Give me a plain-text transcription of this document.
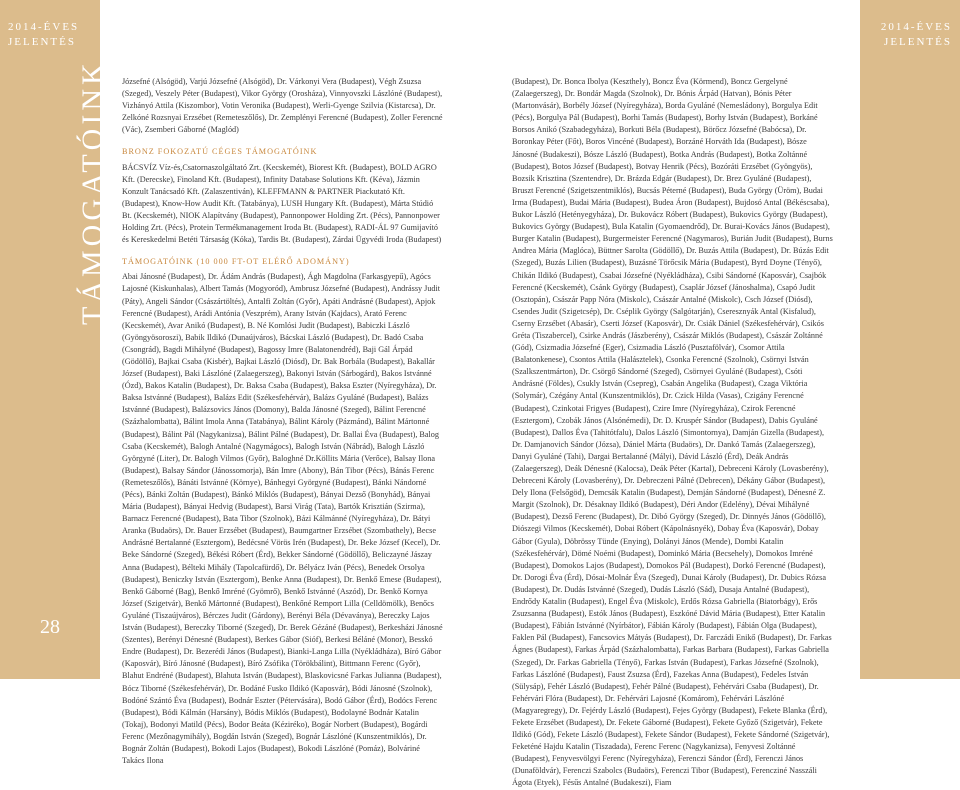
2014-ÉVES
JELENTÉS
TÁMOGATÓINK
28
2014-ÉVES
JELENTÉS

Józsefné (Alsógöd), Varjú Józsefné (Alsógöd), Dr. Várkonyi Vera (Budapest), Végh Zsuzsa (Szeged), Veszely Péter (Budapest), Vikor György (Orosháza), Vinnyovszki Lászlóné (Budapest), Vizhányó Attila (Kiszombor), Votin Veronika (Budapest), Werli-Gyenge Szilvia (Kistarcsa), Dr. Zelkóné Rozsnyai Erzsébet (Remeteszőlős), Dr. Zemplényi Ferencné (Budapest), Zoller Ferencné (Vác), Zsemberi Gáborné (Maglód)

BRONZ FOKOZATÚ CÉGES TÁMOGATÓINK

BÁCSVÍZ Víz-és,Csatornaszolgáltató Zrt. (Kecskemét), Biorest Kft. (Budapest), BOLD AGRO Kft. (Derecske), Finoland Kft. (Budapest), Infinity Database Solutions Kft. (Kéva), Jázmin Konzult Tanácsadó Kft. (Zalaszentiván), KLEFFMANN & PARTNER Piackutató Kft. (Budapest), Know-How Audit Kft. (Tatabánya), LUSH Hungary Kft. (Budapest), Márta Stúdió Bt. (Kecskemét), NIOK Alapítvány (Budapest), Pannonpower Holding Zrt. (Pécs), Pannonpower Holding Zrt. (Pécs), Protein Termékmanagement Iroda Bt. (Budapest), RADI-ÁL 97 Gumijavító és Kereskedelmi Betéti Társaság (Kóka), Tardis Bt. (Budapest), Zárdai Ügyvédi Iroda (Budapest)

TÁMOGATÓINK (10 000 FT-OT ELÉRŐ ADOMÁNY)

Abai Jánosné (Budapest), Dr. Ádám András (Budapest), Ágh Magdolna (Farkasgyepű), Agócs Lajosné (Kiskunhalas), Albert Tamás (Mogyoród), Ambrusz Józsefné (Budapest), Andrássy Judit (Páty), Angeli Sándor (Császártöltés), Antalfi Zoltán (Győr), Apáti Andrásné (Budapest), Apjok Ferencné (Budapest), Arádi Antónia (Veszprém), Arany István (Kajdacs), Arató Ferenc (Kecskemét), Avar Anikó (Budapest), B. Né Komlósi Judit (Budapest), Babiczki László (Gyöngyösoroszi), Babik Ildikó (Dunaújváros), Bácskai László (Budapest), Dr. Badó Csaba (Csongrád), Bagdi Mihályné (Budapest), Bagossy Imre (Balatonendréd), Baji Gál Árpád (Gödöllő), Bajkai Csaba (Kisbér), Bajkai László (Diósd), Dr. Bak Borbála (Budapest), Bakallár József (Budapest), Baki Lászlóné (Zalaegerszeg), Bakonyi István (Sárbogárd), Bakos Istvánné (Ózd), Bakos Katalin (Budapest), Dr. Baksa Csaba (Budapest), Baksa Eszter (Nyíregyháza), Dr. Baksa Istvánné (Budapest), Balázs Edit (Székesfehérvár), Balázs Gyuláné (Budapest), Balázs Istvánné (Budapest), Balázsovics János (Domony), Balda Jánosné (Szeged), Bálint Ferencné (Százhalombatta), Bálint Imola Anna (Tatabánya), Bálint Károly (Pázmánd), Bálint Mártonné (Budapest), Bálint Pál (Nagykanizsa), Bálint Pálné (Budapest), Dr. Ballai Éva (Budapest), Balog Csaba (Kecskemét), Balogh Antalné (Nagymágocs), Balogh István (Nábrád), Balogh László Györgyné (Liter), Dr. Balogh Vilmos (Győr), Baloghné Dr.Köllits Mária (Verőce), Balsay Ilona (Budapest), Balsay Sándor (Jánossomorja), Bán Imre (Abony), Bán Tibor (Pécs), Bánás Ferenc (Remeteszőlős), Bánáti Istvánné (Környe), Bánhegyi Györgyné (Budapest), Bánki Nándorné (Pécs), Bánki Zoltán (Budapest), Bánkó Miklós (Budapest), Bányai Dezső (Bonyhád), Bányai Mária (Budapest), Bányai Hedvig (Budapest), Barsi Virág (Tata), Bartók Krisztián (Szirma), Barnacz Ferencné (Budapest), Bata Tibor (Szolnok), Bázi Kálmánné (Nyíregyháza), Dr. Bátyi Aranka (Budaörs), Dr. Bauer Erzsébet (Budapest), Baumgartner Erzsébet (Szombathely), Becse Andrásné Bertalanné (Esztergom), Bedécsné Vörös Irén (Budapest), Dr. Beke József (Kecel), Dr. Beke Sándorné (Szeged), Békési Róbert (Érd), Bekker Sándorné (Gödöllő), Beliczayné Jászay Anna (Budapest), Bélteki Mihály (Tapolcafürdő), Dr. Bélyácz Iván (Pécs), Benedek Orsolya (Budapest), Beniczky István (Esztergom), Benke Anna (Budapest), Dr. Benkő Emese (Budapest), Benkő Gáborné (Bag), Benkő Imréné (Gyömrő), Benkő Istvánné (Aszód), Dr. Benkő Kornya József (Szigetvár), Benkő Mártonné (Budapest), Benkőné Remport Lilla (Celldömölk), Benőcs Gyuláné (Tiszaújváros), Bérczes Judit (Gárdony), Berényi Béla (Dévaványa), Bereczky Lajos István (Budapest), Bereczky Tiborné (Szeged), Dr. Berek Gézáné (Budapest), Berkesházi Jánosné (Szentes), Berényi Dénesné (Budapest), Berkes Gábor (Sióf), Berkesi Béláné (Monor), Besskó Endre (Budapest), Dr. Bezerédi János (Budapest), Bianki-Langa Lilla (Nyékládháza), Bíró Gábor (Kaposvár), Bíró Jánosné (Budapest), Bíró Zsófika (Törökbálint), Bittmann Ferenc (Győr), Blahut Endréné (Budapest), Blahuta István (Budapest), Blaskovicsné Farkas Julianna (Budapest), Bócz Tiborné (Székesfehérvár), Dr. Bodáné Fusko Ildikó (Kaposvár), Bódi Jánosné (Szolnok), Bodóné Szántó Éva (Budapest), Bodnár Eszter (Pétervására), Bodó Gábor (Érd), Bodócs Ferenc (Budapest), Bódi Kálmán (Harsány), Bódis Miklós (Budapest), Bodolayné Bodnár Katalin (Tokaj), Bodonyi Matild (Pécs), Bodor Beáta (Kéziréko), Bogár Norbert (Budapest), Bogárdi Ferenc (Mezőnagymihály), Bogdán István (Szeged), Bognár Lászlóné (Kunszentmiklós), Dr. Bognár Zoltán (Budapest), Bokodi Lajos (Budapest), Bokodi Lászlóné (Pomáz), Bolváriné Takács Ilona

(Budapest), Dr. Bonca Ibolya (Keszthely), Boncz Éva (Körmend), Boncz Gergelyné (Zalaegerszeg), Dr. Bondár Magda (Szolnok), Dr. Bónis Árpád (Hatvan), Bónis Péter (Martonvásár), Borbély József (Nyíregyháza), Borda Gyuláné (Nemesládony), Borgulya Edit (Pécs), Borgulya Pál (Budapest), Borhi Tamás (Budapest), Borhy István (Budapest), Borkáné Borsos Anikó (Szabadegyháza), Borkuti Béla (Budapest), Börőcz Józsefné (Babócsa), Dr. Boronkay Péter (Főt), Boros Vincéné (Budapest), Borzáné Horváth Ida (Budapest), Bósze Jánosné (Budakeszi), Bósze László (Budapest), Botka András (Budapest), Botka Zoltánné (Budapest), Botos József (Budapest), Botvay Henrik (Pécs), Bozóráti Erzsébet (Gyöngyös), Bozsik Krisztina (Szentendre), Dr. Brázda Edgár (Budapest), Dr. Brez Gyuláné (Budapest), Bruszt Ferencné (Szigetszentmiklós), Bucsás Péterné (Budapest), Buda György (Üröm), Budai Irma (Budapest), Budai Mária (Budapest), Budea Áron (Budapest), Bujdosó Antal (Békéscsaba), Bukor László (Hetényegyháza), Dr. Bukovácz Róbert (Budapest), Bukovics György (Budapest), Bukovics György (Budapest), Bula Katalin (Gyomaendrőd), Dr. Burai-Kovács János (Budapest), Burger Katalin (Budapest), Burgermeister Ferencné (Nagymaros), Burián Judit (Budapest), Burns Andrea Mária (Maglóca), Büttner Sarolta (Gödöllő), Dr. Buzás Attila (Budapest), Dr. Búzás Edit (Szeged), Buzás Lilien (Budapest), Buzásné Törőcsik Mária (Budapest), Byrd Doyne (Tényő), Chikán Ildikó (Budapest), Csabai Józsefné (Nyékládháza), Csibi Sándorné (Kaposvár), Csajbók Ferencné (Kecskemét), Csánk György (Budapest), Csaplár József (Jánoshalma), Csapó Judit (Osztopán), Császár Papp Nóra (Miskolc), Császár Antalné (Miskolc), Csch József (Diósd), Csendes Judit (Szigetcsép), Dr. Cséplik György (Salgótarján), Cseresznyák Antal (Kisfalud), Cserny Erzsébet (Abasár), Cserti József (Kaposvár), Dr. Csiák Dániel (Székesfehérvár), Csikós Gréta (Tiszabercel), Csirke András (Jászberény), Császár Miklós (Budapest), Császár Zoltánné (Gód), Csizmadia Józsefné (Eger), Csizmadia László (Pusztafölvár), Csomor Attila (Balatonkenese), Csontos Attila (Halásztelek), Csonka Ferencné (Szolnok), Csörnyi István (Szalkszentmárton), Dr. Csörgő Sándorné (Szeged), Csörnyei Gyuláné (Budapest), Csóti Andrásné (Földes), Csukly István (Csepreg), Csabán Angelika (Budapest), Czaga Viktória (Solymár), Czégány Antal (Kunszentmiklós), Dr. Czick Hilda (Vasas), Czigány Ferencné (Budapest), Czinkotai Frigyes (Budapest), Czire Imre (Nyíregyháza), Czirok Ferencné (Esztergom), Czobák János (Alsónémedi), Dr. D. Kruspér Sándor (Budapest), Dabis Gyuláné (Budapest), Dallos Éva (Tahitótfalu), Dalos László (Simontornya), Damján Gizella (Budapest), Dr. Damjanovich Sándor (Józsa), Dániel Márta (Budaörs), Dr. Dankó Tamás (Zalaegerszeg), Danyi Gyuláné (Tahi), Dargai Bertalanné (Mályi), Dávid László (Érd), Deák András (Zalaegerszeg), Deák Dénesné (Kalocsa), Deák Péter (Kartal), Debreceni Károly (Lovasberény), Debreceni Károly (Lovasberény), Dr. Debreczeni Pálné (Debrecen), Dékány Gábor (Budapest), Dely Ilona (Felsőgöd), Demcsák Katalin (Budapest), Demján Sándorné (Budapest), Dénesné Z. Margit (Szolnok), Dr. Désaknay Ildikó (Budapest), Déri Andor (Edelény), Dévai Mihályné (Budapest), Dezső Ferenc (Budapest), Dr. Dibó György (Szeged), Dr. Dinnyés János (Gödöllő), Diószegi Vilmos (Kecskemét), Dobai Róbert (Kápolnásnyék), Dobay Éva (Kaposvár), Dobay Gábor (Gyula), Döbrössy Tünde (Enying), Dolányi János (Mende), Dombi Katalin (Székesfehérvár), Dömé Noémi (Budapest), Dominkó Mária (Becsehely), Domokos Imréné (Budapest), Domokos Lajos (Budapest), Domokos Pál (Budapest), Dorkó Ferencné (Budapest), Dr. Dorogi Éva (Érd), Dósai-Molnár Éva (Szeged), Dunai Károly (Budapest), Dr. Dubics Rózsa (Budapest), Dr. Dudás Istvánné (Szeged), Dudás László (Sád), Dusaja Antalné (Budapest), Endrődy Katalin (Budapest), Engel Éva (Miskolc), Erdős Rózsa Gabriella (Biatorbágy), Erős Zsuzsanna (Budapest), Estók János (Budapest), Eszkóné Dávid Mária (Budapest), Etter Katalin (Budapest), Fábián Istvánné (Nyírbátor), Fábián Károly (Budapest), Fábián Olga (Budapest), Faklen Pál (Budapest), Fancsovics Mátyás (Budapest), Dr. Farczádi Enikő (Budapest), Dr. Farkas Ágnes (Budapest), Farkas Árpád (Százhalombatta), Farkas Barbara (Budapest), Farkas Gabriella (Szeged), Dr. Farkas Gabriella (Tényő), Farkas István (Budapest), Farkas Józsefné (Szolnok), Farkas Lászlóné (Budapest), Faust Zsuzsa (Érd), Fazekas Anna (Budapest), Fedeles István (Sülysáp), Fehér László (Budapest), Fehér Pálné (Budapest), Fehérvári Csaba (Budapest), Dr. Fehérvári Flóra (Budapest), Dr. Fehérvári Lajosné (Komárom), Fehérvári Lászlóné (Magyaregregy), Dr. Fejérdy László (Budapest), Fejes György (Budapest), Fekete Blanka (Érd), Fekete Erzsébet (Budapest), Dr. Fekete Gáborné (Budapest), Fekete Győző (Szigetvár), Fekete Ildikó (Gód), Fekete László (Budapest), Fekete Sándor (Budapest), Fekete Sándorné (Szigetvár), Feketéné Hajdu Katalin (Tiszadada), Ferenc Ferenc (Nagykanizsa), Fenyvesi Zoltánné (Budapest), Fenyvesvölgyi Ferenc (Nyíregyháza), Ferenczi Sándor (Érd), Ferenczi János (Dunaföldvár), Ferenczi Szabolcs (Budaörs), Ferenczi Tibor (Budapest), Ferencziné Nasszáli Ágota (Etyek), Fésűs Antalné (Budakeszi), Fiam
